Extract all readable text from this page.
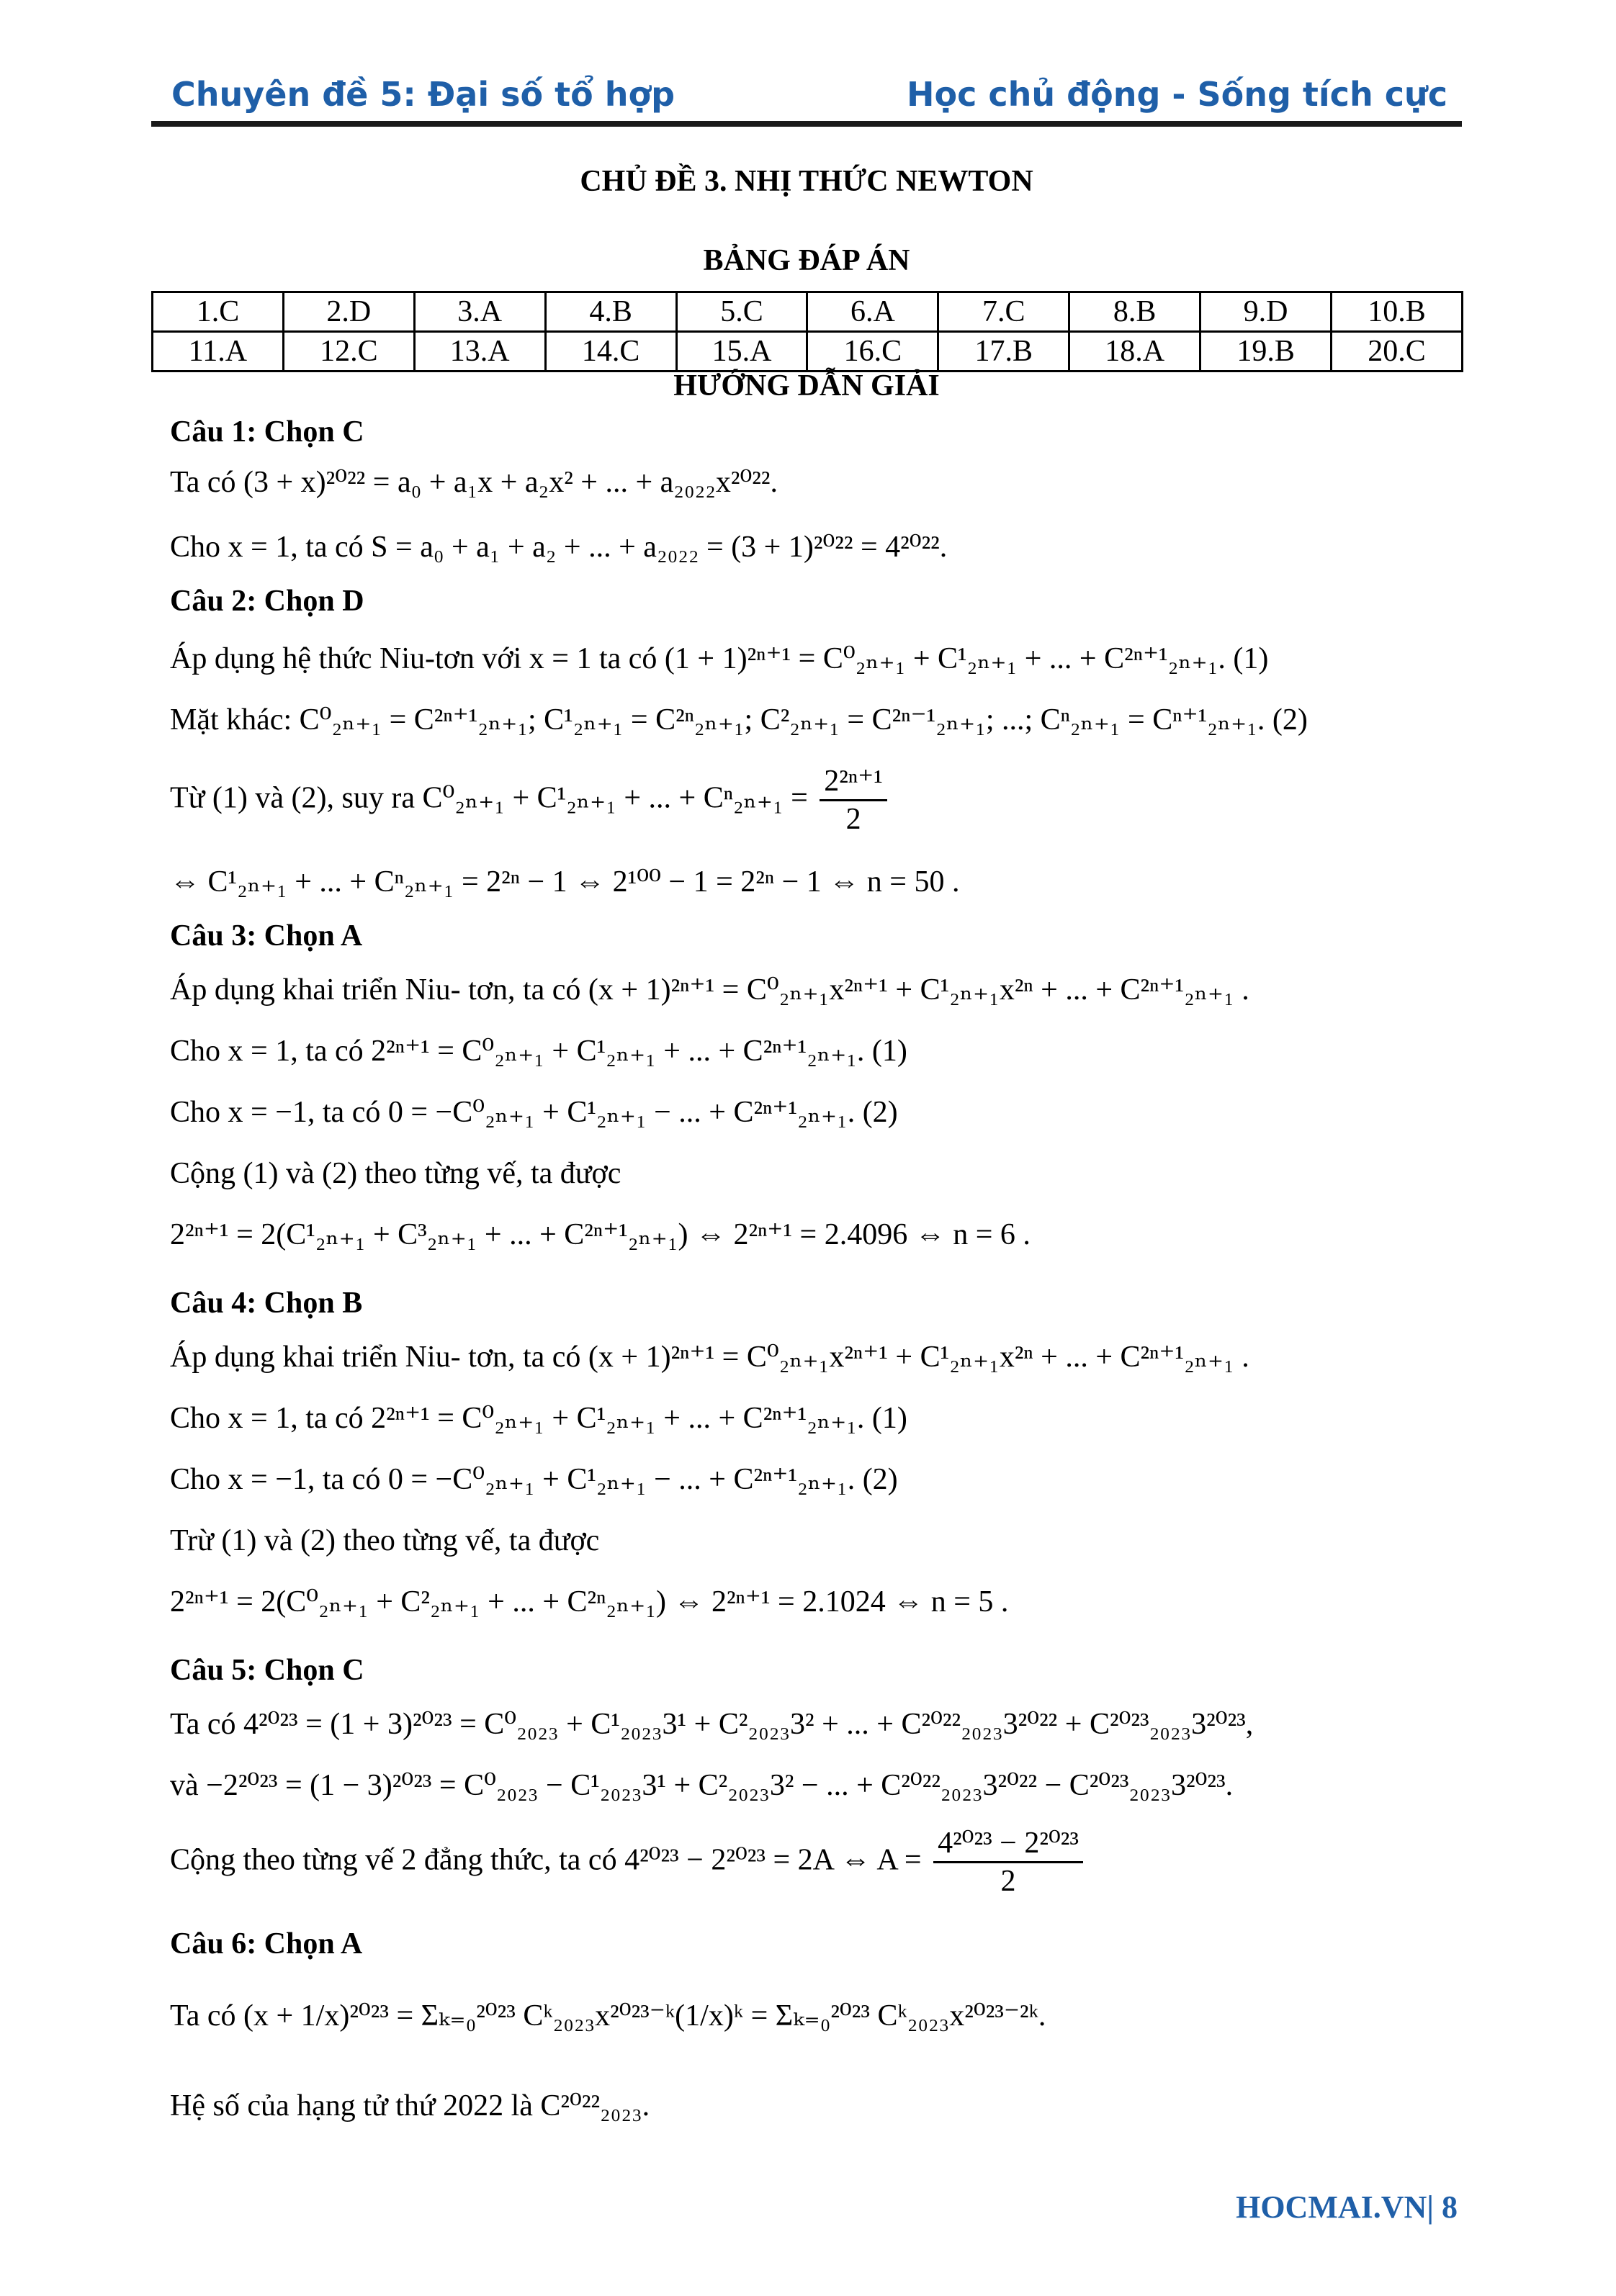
Chuyên đề 5: Đại số tổ hợp	Học chủ động - Sống tích cực
CHỦ ĐỀ 3. NHỊ THỨC NEWTON
BẢNG ĐÁP ÁN
1.C	2.D	3.A	4.B	5.C	6.A	7.C	8.B	9.D	10.B
11.A	12.C	13.A	14.C	15.A	16.C	17.B	18.A	19.B	20.C
HƯỚNG DẪN GIẢI
Câu 1: Chọn C
Ta có (3 + x)²⁰²² = a₀ + a₁x + a₂x² + ... + a₂₀₂₂x²⁰²².
Cho x = 1, ta có S = a₀ + a₁ + a₂ + ... + a₂₀₂₂ = (3 + 1)²⁰²² = 4²⁰²².
Câu 2: Chọn D
Áp dụng hệ thức Niu-tơn với x = 1 ta có (1 + 1)²ⁿ⁺¹ = C⁰₂ₙ₊₁ + C¹₂ₙ₊₁ + ... + C²ⁿ⁺¹₂ₙ₊₁. (1)
Mặt khác: C⁰₂ₙ₊₁ = C²ⁿ⁺¹₂ₙ₊₁; C¹₂ₙ₊₁ = C²ⁿ₂ₙ₊₁; C²₂ₙ₊₁ = C²ⁿ⁻¹₂ₙ₊₁; ...; Cⁿ₂ₙ₊₁ = Cⁿ⁺¹₂ₙ₊₁. (2)
Từ (1) và (2), suy ra C⁰₂ₙ₊₁ + C¹₂ₙ₊₁ + ... + $C^n_{2n+1} = \frac{\text{2²ⁿ⁺¹}}{2}$
⇔ C¹₂ₙ₊₁ + ... + Cⁿ₂ₙ₊₁ = 2²ⁿ − 1 ⇔ 2¹⁰⁰ − 1 = 2²ⁿ − 1 ⇔ n = 50 .
Câu 3: Chọn A
Áp dụng khai triển Niu- tơn, ta có (x + 1)²ⁿ⁺¹ = C⁰₂ₙ₊₁x²ⁿ⁺¹ + C¹₂ₙ₊₁x²ⁿ + ... + C²ⁿ⁺¹₂ₙ₊₁ .
Cho x = 1, ta có 2²ⁿ⁺¹ = C⁰₂ₙ₊₁ + C¹₂ₙ₊₁ + ... + C²ⁿ⁺¹₂ₙ₊₁. (1)
Cho x = −1, ta có 0 = −C⁰₂ₙ₊₁ + C¹₂ₙ₊₁ − ... + C²ⁿ⁺¹₂ₙ₊₁. (2)
Cộng (1) và (2) theo từng vế, ta được
2²ⁿ⁺¹ = 2(C¹₂ₙ₊₁ + C³₂ₙ₊₁ + ... + C²ⁿ⁺¹₂ₙ₊₁) ⇔ 2²ⁿ⁺¹ = 2.4096 ⇔ n = 6 .
Câu 4: Chọn B
Áp dụng khai triển Niu- tơn, ta có (x + 1)²ⁿ⁺¹ = C⁰₂ₙ₊₁x²ⁿ⁺¹ + C¹₂ₙ₊₁x²ⁿ + ... + C²ⁿ⁺¹₂ₙ₊₁ .
Cho x = 1, ta có 2²ⁿ⁺¹ = C⁰₂ₙ₊₁ + C¹₂ₙ₊₁ + ... + C²ⁿ⁺¹₂ₙ₊₁. (1)
Cho x = −1, ta có 0 = −C⁰₂ₙ₊₁ + C¹₂ₙ₊₁ − ... + C²ⁿ⁺¹₂ₙ₊₁. (2)
Trừ (1) và (2) theo từng vế, ta được
2²ⁿ⁺¹ = 2(C⁰₂ₙ₊₁ + C²₂ₙ₊₁ + ... + C²ⁿ₂ₙ₊₁) ⇔ 2²ⁿ⁺¹ = 2.1024 ⇔ n = 5 .
Câu 5: Chọn C
Ta có 4²⁰²³ = (1 + 3)²⁰²³ = C⁰₂₀₂₃ + C¹₂₀₂₃3¹ + C²₂₀₂₃3² + ... + C²⁰²²₂₀₂₃3²⁰²² + C²⁰²³₂₀₂₃3²⁰²³,
và −2²⁰²³ = (1 − 3)²⁰²³ = C⁰₂₀₂₃ − C¹₂₀₂₃3¹ + C²₂₀₂₃3² − ... + C²⁰²²₂₀₂₃3²⁰²² − C²⁰²³₂₀₂₃3²⁰²³.
Cộng theo từng vế 2 đẳng thức, ta có 4²⁰²³ − 2²⁰²³ = 2A ⇔ $A = \frac{\text{4²⁰²³ − 2²⁰²³}}{2}$
Câu 6: Chọn A
Ta có (x + 1/x)²⁰²³ = Σₖ₌₀²⁰²³ Cᵏ₂₀₂₃x²⁰²³⁻ᵏ(1/x)ᵏ = Σₖ₌₀²⁰²³ Cᵏ₂₀₂₃x²⁰²³⁻²ᵏ.
Hệ số của hạng tử thứ 2022 là C²⁰²²₂₀₂₃.
HOCMAI.VN| 8
